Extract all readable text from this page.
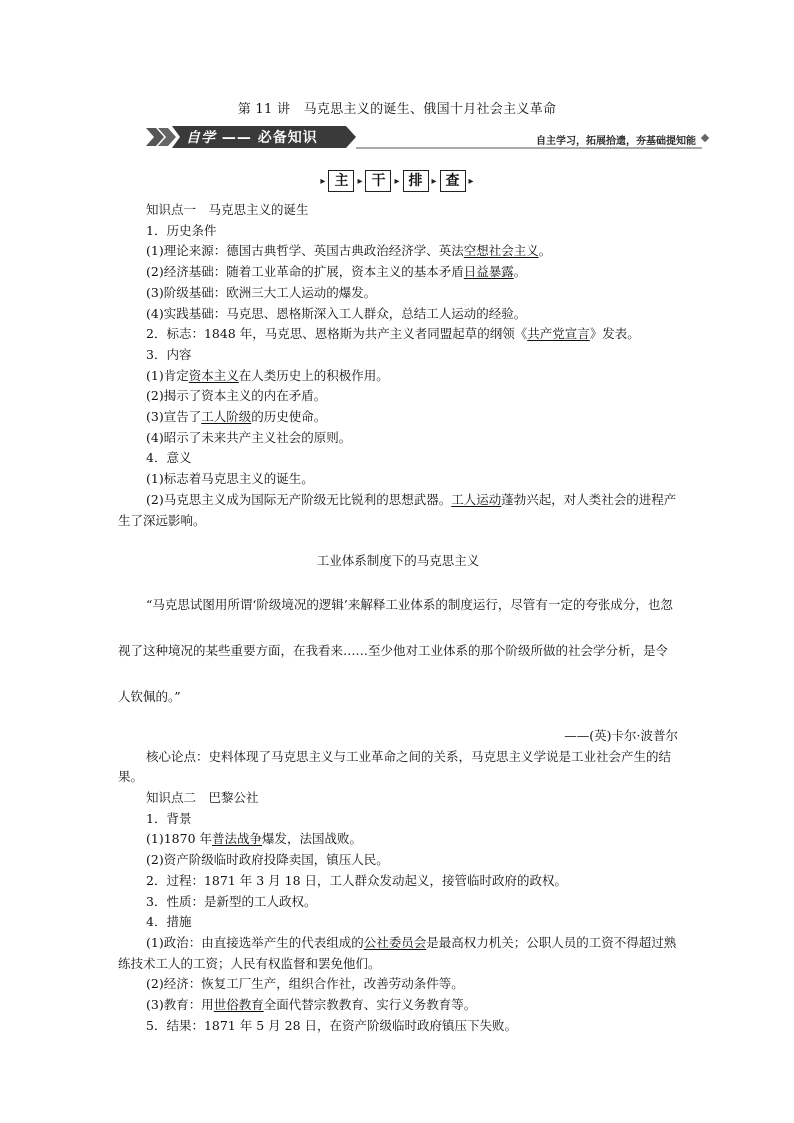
第 11 讲　马克思主义的诞生、俄国十月社会主义革命
自学 —— 必备知识	自主学习，拓展拾遗，夯基础提知能
▸ 主 ▸ 干 ▸ 排 ▸ 查 ▸

知识点一　马克思主义的诞生

1．历史条件

(1)理论来源：德国古典哲学、英国古典政治经济学、英法空想社会主义。

(2)经济基础：随着工业革命的扩展，资本主义的基本矛盾日益暴露。

(3)阶级基础：欧洲三大工人运动的爆发。

(4)实践基础：马克思、恩格斯深入工人群众，总结工人运动的经验。

2．标志：1848 年，马克思、恩格斯为共产主义者同盟起草的纲领《共产党宣言》发表。

3．内容

(1)肯定资本主义在人类历史上的积极作用。

(2)揭示了资本主义的内在矛盾。

(3)宣告了工人阶级的历史使命。

(4)昭示了未来共产主义社会的原则。

4．意义

(1)标志着马克思主义的诞生。

(2)马克思主义成为国际无产阶级无比锐利的思想武器。工人运动蓬勃兴起，对人类社会的进程产生了深远影响。

工业体系制度下的马克思主义

“马克思试图用所谓‘阶级境况的逻辑’来解释工业体系的制度运行，尽管有一定的夸张成分，也忽视了这种境况的某些重要方面，在我看来……至少他对工业体系的那个阶级所做的社会学分析，是令人钦佩的。”

——(英)卡尔·波普尔

核心论点：史料体现了马克思主义与工业革命之间的关系，马克思主义学说是工业社会产生的结果。

知识点二　巴黎公社

1．背景

(1)1870 年普法战争爆发，法国战败。

(2)资产阶级临时政府投降卖国，镇压人民。

2．过程：1871 年 3 月 18 日，工人群众发动起义，接管临时政府的政权。

3．性质：是新型的工人政权。

4．措施

(1)政治：由直接选举产生的代表组成的公社委员会是最高权力机关；公职人员的工资不得超过熟练技术工人的工资；人民有权监督和罢免他们。

(2)经济：恢复工厂生产，组织合作社，改善劳动条件等。

(3)教育：用世俗教育全面代替宗教教育、实行义务教育等。

5．结果：1871 年 5 月 28 日，在资产阶级临时政府镇压下失败。
